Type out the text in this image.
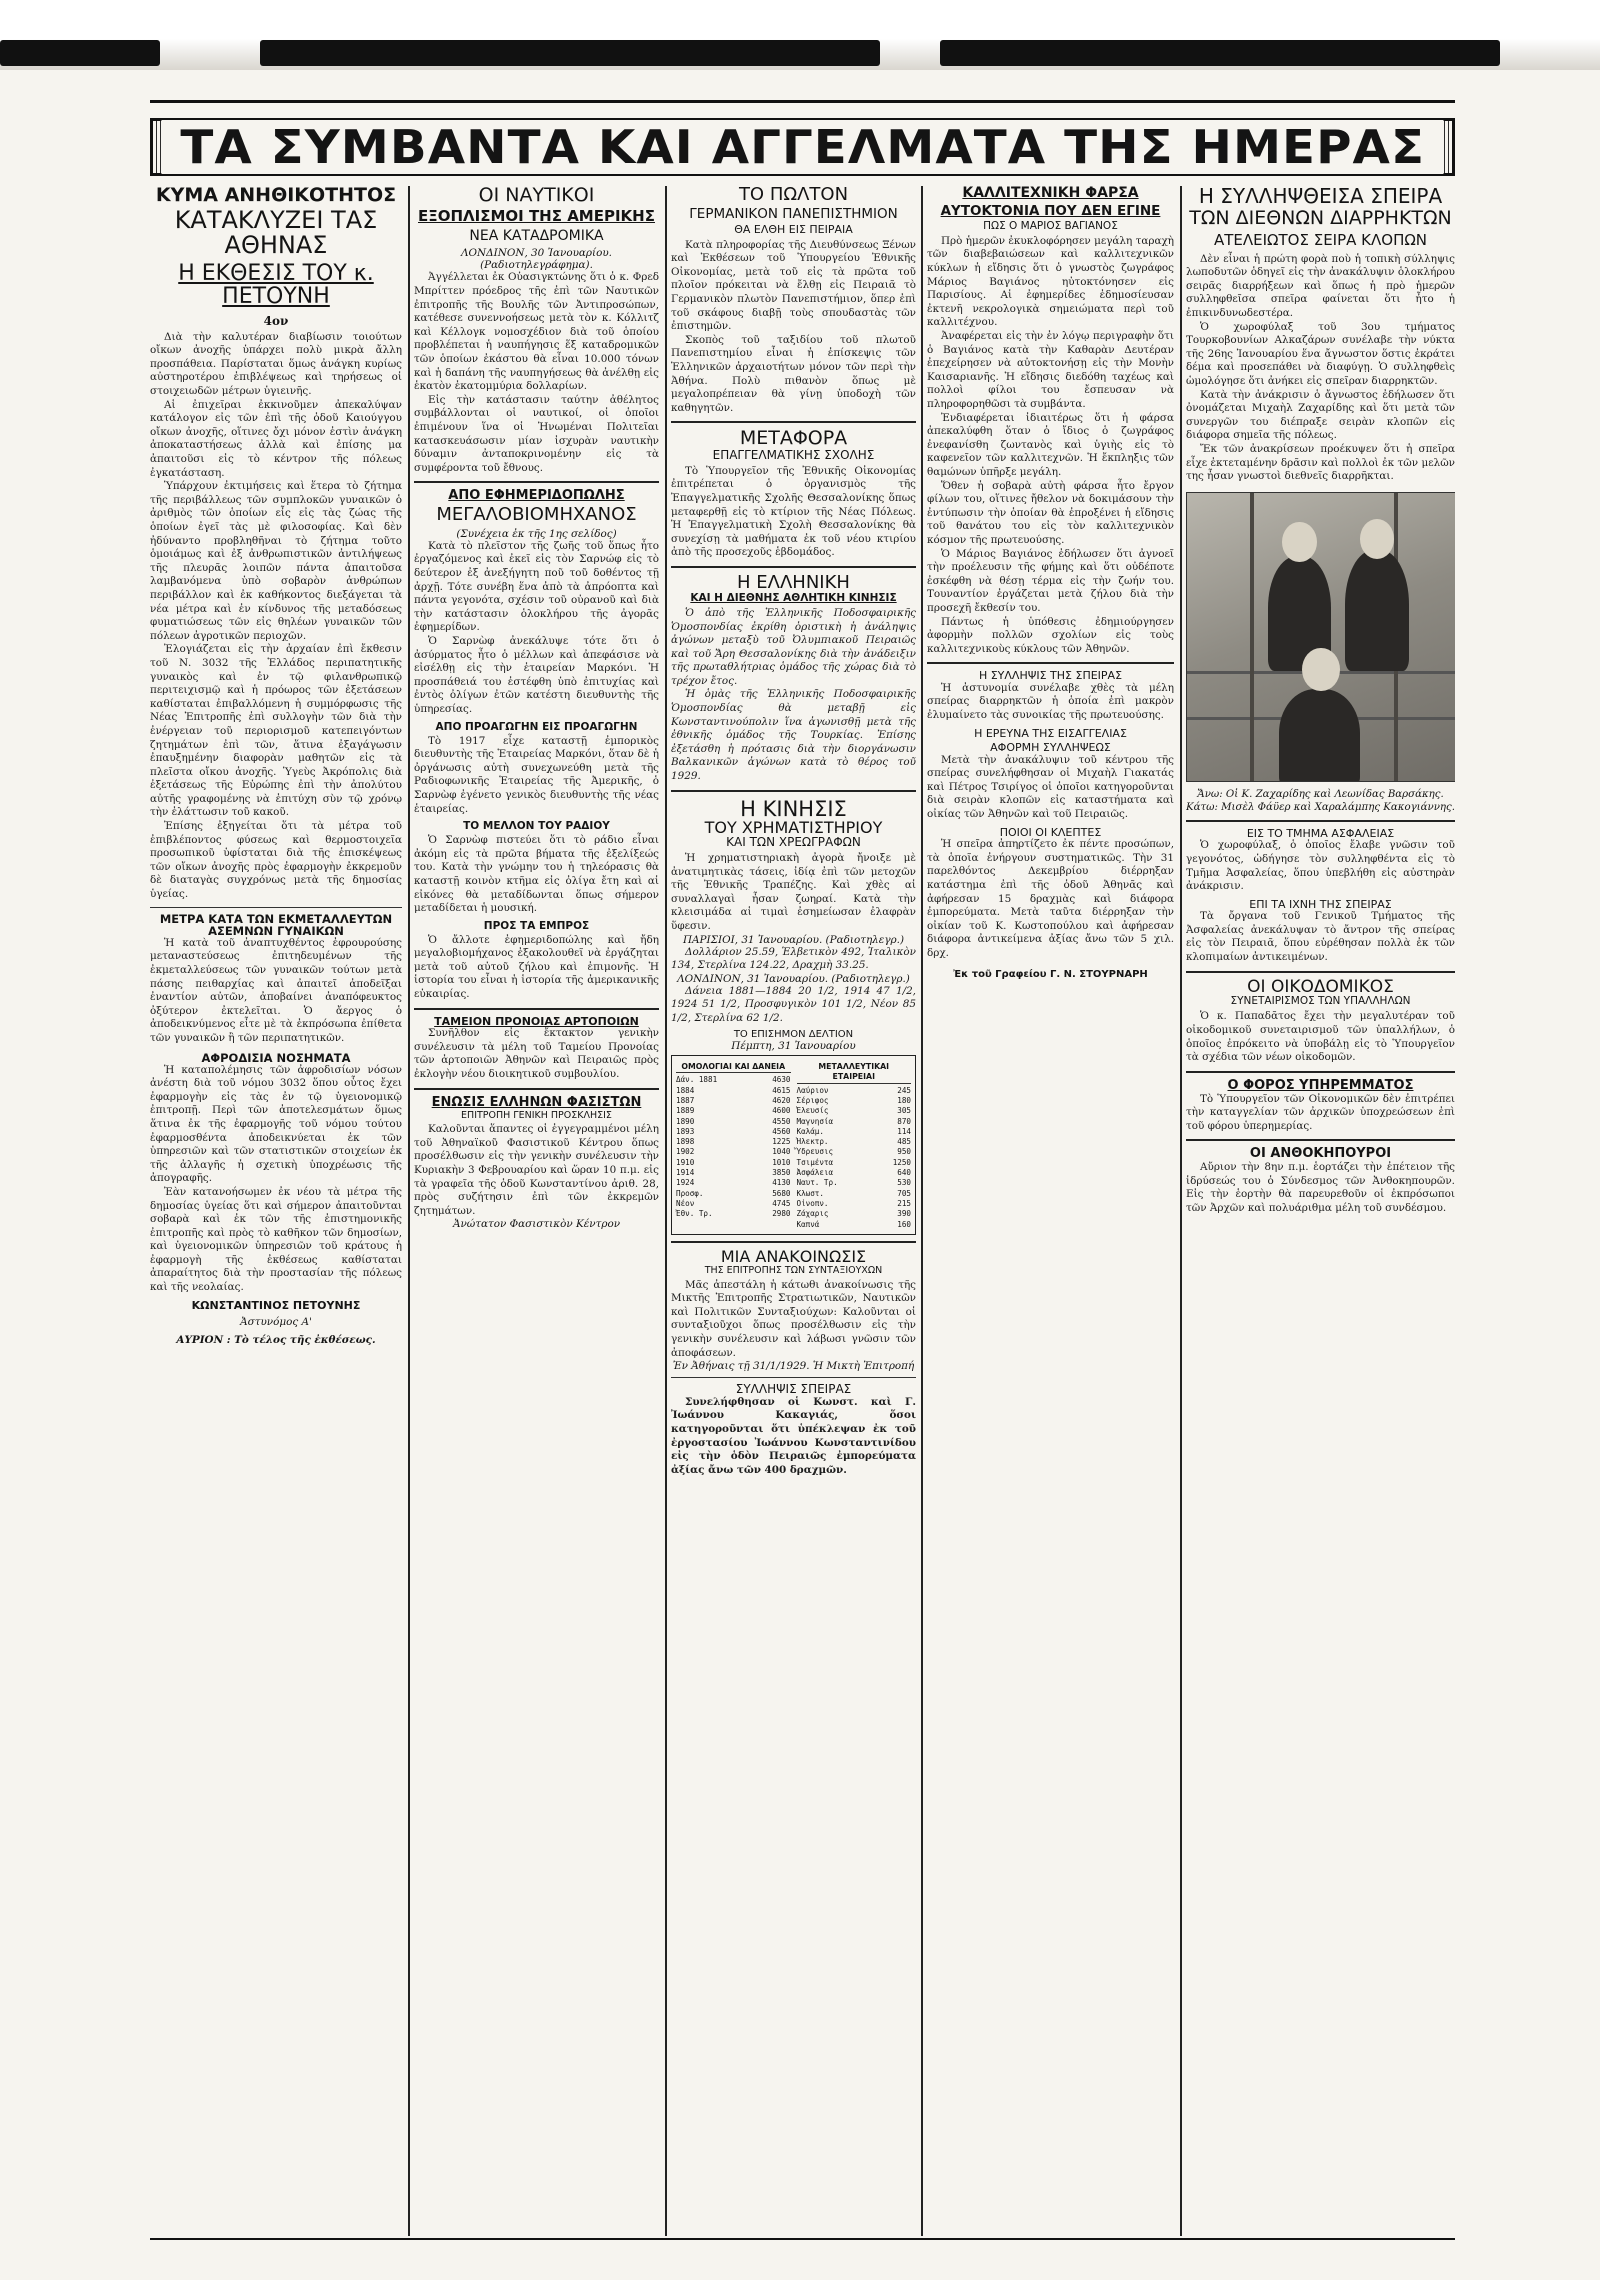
ΤΑ ΣΥΜΒΑΝΤΑ ΚΑΙ ΑΓΓΕΛΜΑΤΑ ΤΗΣ ΗΜΕΡΑΣ
ΚΥΜΑ ΑΝΗΘΙΚΟΤΗΤΟΣ
ΚΑΤΑΚΛΥΖΕΙ ΤΑΣ ΑΘΗΝΑΣ
Η ΕΚΘΕΣΙΣ ΤΟΥ κ. ΠΕΤΟΥΝΗ
4ον

Διὰ τὴν καλυτέραν διαβίωσιν τοιούτων οἴκων ἀνοχῆς ὑπάρχει πολὺ μικρὰ ἄλλη προσπάθεια. Παρίσταται ὅμως ἀνάγκη κυρίως αὐστηροτέρου ἐπιβλέψεως καὶ τηρήσεως οἱ στοιχειωδῶν μέτρων ὑγιεινῆς.

Αἱ ἐπιχεῖραι ἐκκινοῦμεν ἀπεκαλύψαν κατάλογον εἰς τῶν ἐπὶ τῆς ὁδοῦ Καιούγγου οἴκων ἀνοχῆς, οἵτινες ὄχι μόνον ἐστὶν ἀνάγκη ἀποκαταστήσεως ἀλλὰ καὶ ἐπίσης μα ἀπαιτοῦσι εἰς τὸ κέντρον τῆς πόλεως ἐγκατάσταση.

Ὑπάρχουν ἐκτιμήσεις καὶ ἕτερα τὸ ζήτημα τῆς περιβάλλεως τῶν συμπλοκῶν γυναικῶν ὁ ἀριθμὸς τῶν ὁποίων εἶς εἰς τὰς ζώας τῆς ὁποίων ἐγεῖ τὰς μὲ φιλοσοφίας. Καὶ δὲν ἠδύναντο προβληθῆναι τὸ ζήτημα τοῦτο ὁμοιάμως καὶ ἐξ ἀνθρωπιστικῶν ἀντιλήψεως τῆς πλευρᾶς λοιπῶν πάντα ἀπαιτοῦσα λαμβανόμενα ὑπὸ σοβαρὸν ἀνθρώπων περιβάλλον καὶ ἐκ καθήκοντος διεξάγεται τὰ νέα μέτρα καὶ ἐν κίνδυνος τῆς μεταδόσεως φυματιώσεως τῶν εἰς θηλέων γυναικῶν τῶν πόλεων ἀγροτικῶν περιοχῶν.

Ἐλογιάζεται εἰς τὴν ἀρχαίαν ἐπὶ ἔκθεσιν τοῦ Ν. 3032 τῆς Ἑλλάδος περιπατητικῆς γυναικὸς καὶ ἐν τῷ φιλανθρωπικῷ περιτειχισμῷ καὶ ἡ πρόωρος τῶν ἐξετάσεων καθίσταται ἐπιβαλλόμενη ἡ συμμόρφωσις τῆς Νέας Ἐπιτροπῆς ἐπὶ συλλογὴν τῶν διὰ τὴν ἐνέργειαν τοῦ περιορισμοῦ κατεπειγόντων ζητημάτων ἐπὶ τῶν, ἅτινα ἐξαγάγωσιν ἐπαυξημένην διαφορὰν μαθητῶν εἰς τὰ πλεῖστα οἴκου ἀνοχῆς. Ὑγεὺς Ἀκρόπολις διὰ ἐξετάσεως τῆς Εὐρώπης ἐπὶ τὴν ἀπολύτου αὐτῆς γραφομένης νὰ ἐπιτύχη σὺν τῷ χρόνῳ τὴν ἐλάττωσιν τοῦ κακοῦ.

Ἐπίσης ἐξηγείται ὅτι τὰ μέτρα τοῦ ἐπιβλέποντος φύσεως καὶ θερμοστοιχεῖα προσωπικοῦ ὑφίσταται διὰ τῆς ἐπισκέψεως τῶν οἴκων ἀνοχῆς πρὸς ἐφαρμογὴν ἐκκρεμοῦν δὲ διαταγὰς συγχρόνως μετὰ τῆς δημοσίας ὑγείας.

ΜΕΤΡΑ ΚΑΤΑ ΤΩΝ ΕΚΜΕΤΑΛΛΕΥΤΩΝ ΑΣΕΜΝΩΝ ΓΥΝΑΙΚΩΝ

Ἡ κατὰ τοῦ ἀναπτυχθέντος ἐφρουρούσης μεταναστεύσεως ἐπιτηδευμένων τῆς ἐκμεταλλεύσεως τῶν γυναικῶν τούτων μετὰ πάσης πειθαρχίας καὶ ἀπαιτεῖ ἀποδεῖξαι ἐναντίον αὐτῶν, ἀποβαίνει ἀναπόφευκτος ὀξύτερον ἐκτελεῖται. Ὁ ἄεργος ὁ ἀποδεικνύμενος εἶτε μὲ τὰ ἐκπρόσωπα ἐπίθετα τῶν γυναικῶν ἢ τῶν περιπατητικῶν.

ΑΦΡΟΔΙΣΙΑ ΝΟΣΗΜΑΤΑ

Ἡ καταπολέμησις τῶν ἀφροδισίων νόσων ἀνέστη διὰ τοῦ νόμου 3032 ὅπου οὗτος ἔχει ἐφαρμογὴν εἰς τὰς ἐν τῷ ὑγειονομικῷ ἐπιτροπῇ. Περὶ τῶν ἀποτελεσμάτων ὅμως ἅτινα ἐκ τῆς ἐφαρμογῆς τοῦ νόμου τούτου ἐφαρμοσθέντα ἀποδεικνύεται ἐκ τῶν ὑπηρεσιῶν καὶ τῶν στατιστικῶν στοιχείων ἐκ τῆς ἀλλαγῆς ἡ σχετικὴ ὑποχρέωσις τῆς ἀπογραφῆς.

Ἐὰν κατανοήσωμεν ἐκ νέου τὰ μέτρα τῆς δημοσίας ὑγείας ὅτι καὶ σήμερον ἀπαιτοῦνται σοβαρὰ καὶ ἐκ τῶν τῆς ἐπιστημονικῆς ἐπιτροπῆς καὶ πρὸς τὸ καθῆκον τῶν δημοσίων, καὶ ὑγειονομικῶν ὑπηρεσιῶν τοῦ κράτους ἡ ἐφαρμογὴ τῆς ἐκθέσεως καθίσταται ἀπαραίτητος διὰ τὴν προστασίαν τῆς πόλεως καὶ τῆς νεολαίας.

ΚΩΝΣΤΑΝΤΙΝΟΣ ΠΕΤΟΥΝΗΣ
Ἀστυνόμος Α'
ΑΥΡΙΟΝ : Τὸ τέλος τῆς ἐκθέσεως.
ΟΙ ΝΑΥΤΙΚΟΙ
ΕΞΟΠΛΙΣΜΟΙ ΤΗΣ ΑΜΕΡΙΚΗΣ
ΝΕΑ ΚΑΤΑΔΡΟΜΙΚΑ
ΛΟΝΔΙΝΟΝ, 30 Ἰανουαρίου. (Ραδιοτηλεγράφημα).

Ἀγγέλλεται ἐκ Οὐασιγκτώνης ὅτι ὁ κ. Φρεδ Μπρίττεν πρόεδρος τῆς ἐπὶ τῶν Ναυτικῶν ἐπιτροπῆς τῆς Βουλῆς τῶν Ἀντιπροσώπων, κατέθεσε συνεννοήσεως μετὰ τὸν κ. Κόλλιτζ καὶ Κέλλογκ νομοσχέδιον διὰ τοῦ ὁποίου προβλέπεται ἡ ναυπήγησις ἕξ καταδρομικῶν τῶν ὁποίων ἐκάστου θὰ εἶναι 10.000 τόνων καὶ ἡ δαπάνη τῆς ναυπηγήσεως θὰ ἀνέλθῃ εἰς ἑκατὸν ἑκατομμύρια δολλαρίων.

Εἰς τὴν κατάστασιν ταύτην ἀθέλητος συμβάλλονται οἱ ναυτικοί, οἱ ὁποῖοι ἐπιμένουν ἵνα οἱ Ἡνωμέναι Πολιτεῖαι κατασκευάσωσιν μίαν ἰσχυρὰν ναυτικὴν δύναμιν ἀνταποκρινομένην εἰς τὰ συμφέροντα τοῦ ἔθνους.

ΑΠΟ ΕΦΗΜΕΡΙΔΟΠΩΛΗΣ
ΜΕΓΑΛΟΒΙΟΜΗΧΑΝΟΣ
(Συνέχεια ἐκ τῆς 1ης σελίδος)

Κατὰ τὸ πλεῖστον τῆς ζωῆς τοῦ ὅπως ἦτο ἐργαζόμενος καὶ ἐκεῖ εἰς τὸν Σαρνώφ εἰς τὸ δεύτερον ἐξ ἀνεξήγητη ποῦ τοῦ δοθέντος τῇ ἀρχῇ. Τότε συνέβη ἕνα ἀπὸ τὰ ἀπρόοπτα καὶ πάντα γεγονότα, σχέσιν τοῦ οὐρανοῦ καὶ διὰ τὴν κατάστασιν ὁλοκλήρου τῆς ἀγορᾶς ἐφημερίδων.

Ὁ Σαρνὼφ ἀνεκάλυψε τότε ὅτι ὁ ἀσύρματος ἦτο ὁ μέλλων καὶ ἀπεφάσισε νὰ εἰσέλθῃ εἰς τὴν ἑταιρείαν Μαρκόνι. Ἡ προσπάθειά του ἐστέφθη ὑπὸ ἐπιτυχίας καὶ ἐντὸς ὀλίγων ἐτῶν κατέστη διευθυντὴς τῆς ὑπηρεσίας.

ΑΠΟ ΠΡΟΑΓΩΓΗΝ ΕΙΣ ΠΡΟΑΓΩΓΗΝ

Τὸ 1917 εἶχε καταστῇ ἐμπορικὸς διευθυντὴς τῆς Ἑταιρείας Μαρκόνι, ὅταν δὲ ἡ ὀργάνωσις αὐτὴ συνεχωνεύθη μετὰ τῆς Ραδιοφωνικῆς Ἑταιρείας τῆς Ἀμερικῆς, ὁ Σαρνὼφ ἐγένετο γενικὸς διευθυντὴς τῆς νέας ἑταιρείας.

ΤΟ ΜΕΛΛΟΝ ΤΟΥ ΡΑΔΙΟΥ

Ὁ Σαρνὼφ πιστεύει ὅτι τὸ ράδιο εἶναι ἀκόμη εἰς τὰ πρῶτα βήματα τῆς ἐξελίξεώς του. Κατὰ τὴν γνώμην του ἡ τηλεόρασις θὰ καταστῇ κοινὸν κτῆμα εἰς ὀλίγα ἔτη καὶ αἱ εἰκόνες θὰ μεταδίδωνται ὅπως σήμερον μεταδίδεται ἡ μουσική.

ΠΡΟΣ ΤΑ ΕΜΠΡΟΣ

Ὁ ἄλλοτε ἐφημεριδοπώλης καὶ ἤδη μεγαλοβιομήχανος ἐξακολουθεῖ νὰ ἐργάζηται μετὰ τοῦ αὐτοῦ ζήλου καὶ ἐπιμονῆς. Ἡ ἱστορία του εἶναι ἡ ἱστορία τῆς ἀμερικανικῆς εὐκαιρίας.

ΤΑΜΕΙΟΝ ΠΡΟΝΟΙΑΣ ΑΡΤΟΠΟΙΩΝ

Συνῆλθον εἰς ἔκτακτον γενικὴν συνέλευσιν τὰ μέλη τοῦ Ταμείου Προνοίας τῶν ἀρτοποιῶν Ἀθηνῶν καὶ Πειραιῶς πρὸς ἐκλογὴν νέου διοικητικοῦ συμβουλίου.

ΕΝΩΣΙΣ ΕΛΛΗΝΩΝ ΦΑΣΙΣΤΩΝ
ΕΠΙΤΡΟΠΗ ΓΕΝΙΚΗ ΠΡΟΣΚΛΗΣΙΣ

Καλοῦνται ἅπαντες οἱ ἐγγεγραμμένοι μέλη τοῦ Ἀθηναϊκοῦ Φασιστικοῦ Κέντρου ὅπως προσέλθωσιν εἰς τὴν γενικὴν συνέλευσιν τὴν Κυριακὴν 3 Φεβρουαρίου καὶ ὥραν 10 π.μ. εἰς τὰ γραφεῖα τῆς ὁδοῦ Κωνσταντίνου ἀριθ. 28, πρὸς συζήτησιν ἐπὶ τῶν ἐκκρεμῶν ζητημάτων.

Ἀνώτατον Φασιστικὸν Κέντρον
ΤΟ ΠΩΛΤΟΝ
ΓΕΡΜΑΝΙΚΟΝ ΠΑΝΕΠΙΣΤΗΜΙΟΝ
ΘΑ ΕΛΘΗ ΕΙΣ ΠΕΙΡΑΙΑ

Κατὰ πληροφορίας τῆς Διευθύνσεως Ξένων καὶ Ἐκθέσεων τοῦ Ὑπουργείου Ἐθνικῆς Οἰκονομίας, μετὰ τοῦ εἰς τὰ πρῶτα τοῦ πλοῖον πρόκειται νὰ ἔλθῃ εἰς Πειραιᾶ τὸ Γερμανικὸν πλωτὸν Πανεπιστήμιον, ὅπερ ἐπὶ τοῦ σκάφους διαβῇ τοὺς σπουδαστὰς τῶν ἐπιστημῶν.

Σκοπὸς τοῦ ταξιδίου τοῦ πλωτοῦ Πανεπιστημίου εἶναι ἡ ἐπίσκεψις τῶν Ἑλληνικῶν ἀρχαιοτήτων μόνον τῶν περὶ τὴν Ἀθήνα. Πολὺ πιθανὸν ὅπως μὲ μεγαλοπρέπειαν θὰ γίνῃ ὑποδοχὴ τῶν καθηγητῶν.

ΜΕΤΑΦΟΡΑ
ΕΠΑΓΓΕΛΜΑΤΙΚΗΣ ΣΧΟΛΗΣ

Τὸ Ὑπουργεῖον τῆς Ἐθνικῆς Οἰκονομίας ἐπιτρέπεται ὁ ὀργανισμὸς τῆς Ἐπαγγελματικῆς Σχολῆς Θεσσαλονίκης ὅπως μεταφερθῇ εἰς τὸ κτίριον τῆς Νέας Πόλεως. Ἡ Ἐπαγγελματικὴ Σχολὴ Θεσσαλονίκης θὰ συνεχίσῃ τὰ μαθήματα ἐκ τοῦ νέου κτιρίου ἀπὸ τῆς προσεχοῦς ἑβδομάδος.

Η ΕΛΛΗΝΙΚΗ
ΚΑΙ Η ΔΙΕΘΝΗΣ ΑΘΛΗΤΙΚΗ ΚΙΝΗΣΙΣ

Ὁ ἀπὸ τῆς Ἑλληνικῆς Ποδοσφαιρικῆς Ὁμοσπονδίας ἐκρίθη ὁριστικὴ ἡ ἀνάληψις ἀγώνων μεταξὺ τοῦ Ὀλυμπιακοῦ Πειραιῶς καὶ τοῦ Ἄρη Θεσσαλονίκης διὰ τὴν ἀνάδειξιν τῆς πρωταθλήτριας ὁμάδος τῆς χώρας διὰ τὸ τρέχον ἔτος.

Ἡ ὁμὰς τῆς Ἑλληνικῆς Ποδοσφαιρικῆς Ὁμοσπονδίας θὰ μεταβῇ εἰς Κωνσταντινούπολιν ἵνα ἀγωνισθῇ μετὰ τῆς ἐθνικῆς ὁμάδος τῆς Τουρκίας. Ἐπίσης ἐξετάσθη ἡ πρότασις διὰ τὴν διοργάνωσιν Βαλκανικῶν ἀγώνων κατὰ τὸ θέρος τοῦ 1929.

Η ΚΙΝΗΣΙΣ
ΤΟΥ ΧΡΗΜΑΤΙΣΤΗΡΙΟΥ
ΚΑΙ ΤΩΝ ΧΡΕΩΓΡΑΦΩΝ

Ἡ χρηματιστηριακὴ ἀγορὰ ἤνοιξε μὲ ἀνατιμητικὰς τάσεις, ἰδίᾳ ἐπὶ τῶν μετοχῶν τῆς Ἐθνικῆς Τραπέζης. Καὶ χθὲς αἱ συναλλαγαὶ ἦσαν ζωηραί. Κατὰ τὴν κλεισιμάδα αἱ τιμαὶ ἐσημείωσαν ἐλαφρὰν ὕφεσιν.

ΠΑΡΙΣΙΟΙ, 31 Ἰανουαρίου. (Ραδιοτηλεγρ.)

Δολλάριον 25.59, Ἑλβετικὸν 492, Ἰταλικὸν 134, Στερλίνα 124.22, Δραχμὴ 33.25.

ΛΟΝΔΙΝΟΝ, 31 Ἰανουαρίου. (Ραδιοτηλεγρ.)

Δάνεια 1881—1884 20 1/2, 1914 47 1/2, 1924 51 1/2, Προσφυγικὸν 101 1/2, Νέον 85 1/2, Στερλίνα 62 1/2.

ΤΟ ΕΠΙΣΗΜΟΝ ΔΕΛΤΙΟΝ
Πέμπτη, 31 Ἰανουαρίου
ΟΜΟΛΟΓΙΑΙ ΚΑΙ ΔΑΝΕΙΑ
Δάν. 1881	4630
1884	4615
1887	4620
1889	4600
1890	4550
1893	4560
1898	1225
1902	1040
1910	1010
1914	3850
1924	4130
Προσφ.	5680
Νέον	4745
Ἐθν. Τρ.	2980
ΜΕΤΑΛΛΕΥΤΙΚΑΙ ΕΤΑΙΡΕΙΑΙ
Λαύριον	245
Σέριφος	180
Ἐλευσίς	305
Μαγνησία	870
Καλάμ.	114
Ἠλεκτρ.	485
Ὕδρευσις	950
Τσιμέντα	1250
Ἀσφάλεια	640
Ναυτ. Τρ.	530
Κλωστ.	705
Οἰνοπν.	215
Ζάχαρις	390
Καπνά	160
ΜΙΑ ΑΝΑΚΟΙΝΩΣΙΣ
ΤΗΣ ΕΠΙΤΡΟΠΗΣ ΤΩΝ ΣΥΝΤΑΞΙΟΥΧΩΝ

Μᾶς ἀπεστάλη ἡ κάτωθι ἀνακοίνωσις τῆς Μικτῆς Ἐπιτροπῆς Στρατιωτικῶν, Ναυτικῶν καὶ Πολιτικῶν Συνταξιούχων: Καλοῦνται οἱ συνταξιοῦχοι ὅπως προσέλθωσιν εἰς τὴν γενικὴν συνέλευσιν καὶ λάβωσι γνῶσιν τῶν ἀποφάσεων.

Ἐν Ἀθήναις τῇ 31/1/1929. Ἡ Μικτὴ Ἐπιτροπή
ΣΥΛΛΗΨΙΣ ΣΠΕΙΡΑΣ

Συνελήφθησαν οἱ Κωνστ. καὶ Γ. Ἰωάννου Κακαγιάς, ὅσοι κατηγοροῦνται ὅτι ὑπέκλεψαν ἐκ τοῦ ἐργοστασίου Ἰωάννου Κωνσταντινίδου εἰς τὴν ὁδὸν Πειραιῶς ἐμπορεύματα ἀξίας ἄνω τῶν 400 δραχμῶν.

ΚΑΛΛΙΤΕΧΝΙΚΗ ΦΑΡΣΑ
ΑΥΤΟΚΤΟΝΙΑ ΠΟΥ ΔΕΝ ΕΓΙΝΕ
ΠΩΣ Ο ΜΑΡΙΟΣ ΒΑΓΙΑΝΟΣ

Πρὸ ἡμερῶν ἐκυκλοφόρησεν μεγάλη ταραχὴ τῶν διαβεβαιώσεων καὶ καλλιτεχνικῶν κύκλων ἡ εἴδησις ὅτι ὁ γνωστὸς ζωγράφος Μάριος Βαγιάνος ηὐτοκτόνησεν εἰς Παρισίους. Αἱ ἐφημερίδες ἐδημοσίευσαν ἐκτενῆ νεκρολογικὰ σημειώματα περὶ τοῦ καλλιτέχνου.

Ἀναφέρεται εἰς τὴν ἐν λόγῳ περιγραφὴν ὅτι ὁ Βαγιάνος κατὰ τὴν Καθαρὰν Δευτέραν ἐπεχείρησεν νὰ αὐτοκτονήσῃ εἰς τὴν Μονὴν Καισαριανῆς. Ἡ εἴδησις διεδόθη ταχέως καὶ πολλοὶ φίλοι του ἔσπευσαν νὰ πληροφορηθῶσι τὰ συμβάντα.

Ἐνδιαφέρεται ἰδιαιτέρως ὅτι ἡ φάρσα ἀπεκαλύφθη ὅταν ὁ ἴδιος ὁ ζωγράφος ἐνεφανίσθη ζωντανὸς καὶ ὑγιὴς εἰς τὸ καφενεῖον τῶν καλλιτεχνῶν. Ἡ ἔκπληξις τῶν θαμώνων ὑπῆρξε μεγάλη.

Ὅθεν ἡ σοβαρὰ αὐτὴ φάρσα ἦτο ἔργον φίλων του, οἵτινες ἤθελον νὰ δοκιμάσουν τὴν ἐντύπωσιν τὴν ὁποίαν θὰ ἐπροξένει ἡ εἴδησις τοῦ θανάτου του εἰς τὸν καλλιτεχνικὸν κόσμον τῆς πρωτευούσης.

Ὁ Μάριος Βαγιάνος ἐδήλωσεν ὅτι ἀγνοεῖ τὴν προέλευσιν τῆς φήμης καὶ ὅτι οὐδέποτε ἐσκέφθη νὰ θέσῃ τέρμα εἰς τὴν ζωήν του. Τουναντίον ἐργάζεται μετὰ ζήλου διὰ τὴν προσεχῆ ἔκθεσίν του.

Πάντως ἡ ὑπόθεσις ἐδημιούργησεν ἀφορμὴν πολλῶν σχολίων εἰς τοὺς καλλιτεχνικοὺς κύκλους τῶν Ἀθηνῶν.

Η ΣΥΛΛΗΨΙΣ ΤΗΣ ΣΠΕΙΡΑΣ

Ἡ ἀστυνομία συνέλαβε χθὲς τὰ μέλη σπείρας διαρρηκτῶν ἡ ὁποία ἐπὶ μακρὸν ἐλυμαίνετο τὰς συνοικίας τῆς πρωτευούσης.

Η ΕΡΕΥΝΑ ΤΗΣ ΕΙΣΑΓΓΕΛΙΑΣ
ΑΦΟΡΜΗ ΣΥΛΛΗΨΕΩΣ

Μετὰ τὴν ἀνακάλυψιν τοῦ κέντρου τῆς σπείρας συνελήφθησαν οἱ Μιχαὴλ Γιακατάς καὶ Πέτρος Τσιρίγος οἱ ὁποῖοι κατηγοροῦνται διὰ σειρὰν κλοπῶν εἰς καταστήματα καὶ οἰκίας τῶν Ἀθηνῶν καὶ τοῦ Πειραιῶς.

ΠΟΙΟΙ ΟΙ ΚΛΕΠΤΕΣ

Ἡ σπεῖρα ἀπηρτίζετο ἐκ πέντε προσώπων, τὰ ὁποῖα ἐνήργουν συστηματικῶς. Τὴν 31 παρελθόντος Δεκεμβρίου διέρρηξαν κατάστημα ἐπὶ τῆς ὁδοῦ Ἀθηνᾶς καὶ ἀφήρεσαν 15 δραχμὰς καὶ διάφορα ἐμπορεύματα. Μετὰ ταῦτα διέρρηξαν τὴν οἰκίαν τοῦ Κ. Κωστοπούλου καὶ ἀφήρεσαν διάφορα ἀντικείμενα ἀξίας ἄνω τῶν 5 χιλ. δρχ.

Ἐκ τοῦ Γραφείου Γ. Ν. ΣΤΟΥΡΝΑΡΗ
Η ΣΥΛΛΗΨΘΕΙΣΑ ΣΠΕΙΡΑ
ΤΩΝ ΔΙΕΘΝΩΝ ΔΙΑΡΡΗΚΤΩΝ
ΑΤΕΛΕΙΩΤΟΣ ΣΕΙΡΑ ΚΛΟΠΩΝ

Δὲν εἶναι ἡ πρώτη φορὰ ποὺ ἡ τοπικὴ σύλληψις λωποδυτῶν ὁδηγεῖ εἰς τὴν ἀνακάλυψιν ὁλοκλήρου σειρᾶς διαρρήξεων καὶ ὅπως ἡ πρὸ ἡμερῶν συλληφθεῖσα σπεῖρα φαίνεται ὅτι ἦτο ἡ ἐπικινδυνωδεστέρα.

Ὁ χωροφύλαξ τοῦ 3ου τμήματος Τουρκοβουνίων Αλκαζάρων συνέλαβε τὴν νύκτα τῆς 26ης Ἰανουαρίου ἕνα ἄγνωστον ὅστις ἐκράτει δέμα καὶ προσεπάθει νὰ διαφύγῃ. Ὁ συλληφθεὶς ὡμολόγησε ὅτι ἀνήκει εἰς σπεῖραν διαρρηκτῶν.

Κατὰ τὴν ἀνάκρισιν ὁ ἄγνωστος ἐδήλωσεν ὅτι ὀνομάζεται Μιχαὴλ Ζαχαρίδης καὶ ὅτι μετὰ τῶν συνεργῶν του διέπραξε σειρὰν κλοπῶν εἰς διάφορα σημεῖα τῆς πόλεως.

Ἔκ τῶν ἀνακρίσεων προέκυψεν ὅτι ἡ σπεῖρα εἶχε ἐκτεταμένην δρᾶσιν καὶ πολλοὶ ἐκ τῶν μελῶν της ἦσαν γνωστοὶ διεθνεῖς διαρρῆκται.

Ἄνω: Οἱ Κ. Ζαχαρίδης καὶ Λεωνίδας Βαρσάκης. Κάτω: Μισὲλ Φάϋερ καὶ Χαραλάμπης Κακογιάννης.
ΕΙΣ ΤΟ ΤΜΗΜΑ ΑΣΦΑΛΕΙΑΣ

Ὁ χωροφύλαξ, ὁ ὁποῖος ἔλαβε γνῶσιν τοῦ γεγονότος, ὡδήγησε τὸν συλληφθέντα εἰς τὸ Τμῆμα Ἀσφαλείας, ὅπου ὑπεβλήθη εἰς αὐστηρὰν ἀνάκρισιν.

ΕΠΙ ΤΑ ΙΧΝΗ ΤΗΣ ΣΠΕΙΡΑΣ

Τὰ ὄργανα τοῦ Γενικοῦ Τμήματος τῆς Ἀσφαλείας ἀνεκάλυψαν τὸ ἄντρον τῆς σπείρας εἰς τὸν Πειραιᾶ, ὅπου εὑρέθησαν πολλὰ ἐκ τῶν κλοπιμαίων ἀντικειμένων.

ΟΙ ΟΙΚΟΔΟΜΙΚΟΣ
ΣΥΝΕΤΑΙΡΙΣΜΟΣ ΤΩΝ ΥΠΑΛΛΗΛΩΝ

Ὁ κ. Παπαδᾶτος ἔχει τὴν μεγαλυτέραν τοῦ οἰκοδομικοῦ συνεταιρισμοῦ τῶν ὑπαλλήλων, ὁ ὁποῖος ἐπρόκειτο νὰ ὑποβάλῃ εἰς τὸ Ὑπουργεῖον τὰ σχέδια τῶν νέων οἰκοδομῶν.

Ο ΦΟΡΟΣ ΥΠΗΡΕΜΜΑΤΟΣ

Τὸ Ὑπουργεῖον τῶν Οἰκονομικῶν δὲν ἐπιτρέπει τὴν καταγγελίαν τῶν ἀρχικῶν ὑποχρεώσεων ἐπὶ τοῦ φόρου ὑπερημερίας.

ΟΙ ΑΝΘΟΚΗΠΟΥΡΟΙ

Αὔριον τὴν 8ην π.μ. ἑορτάζει τὴν ἐπέτειον τῆς ἱδρύσεώς του ὁ Σύνδεσμος τῶν Ἀνθοκηπουρῶν. Εἰς τὴν ἑορτὴν θὰ παρευρεθοῦν οἱ ἐκπρόσωποι τῶν Ἀρχῶν καὶ πολυάριθμα μέλη τοῦ συνδέσμου.
